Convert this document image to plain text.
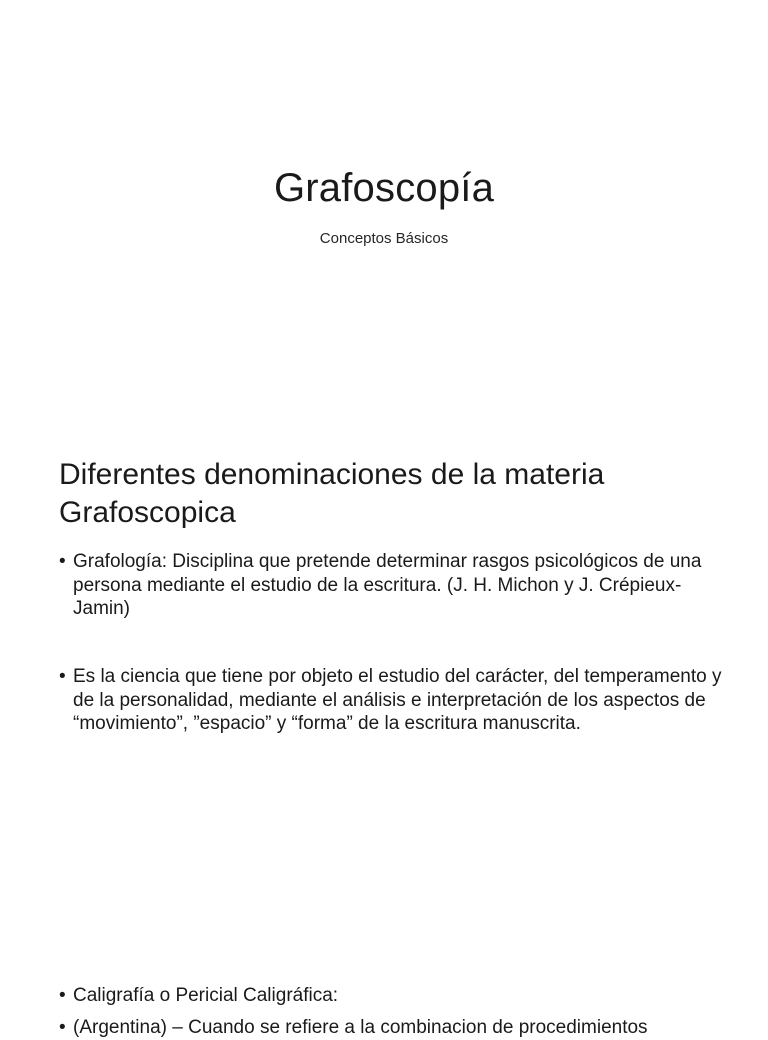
Grafoscopía

Conceptos Básicos

Diferentes denominaciones de la materia
Grafoscopica

• Grafología: Disciplina que pretende determinar rasgos psicológicos de una persona mediante el estudio de la escritura. (J. H. Michon y J. Crépieux-Jamin)

• Es la ciencia que tiene por objeto el estudio del carácter, del temperamento y de la personalidad, mediante el análisis e interpretación de los aspectos de “movimiento”, ”espacio” y “forma” de la escritura manuscrita.

• Caligrafía o Pericial Caligráfica:

• (Argentina) – Cuando se refiere a la combinacion de procedimientos
